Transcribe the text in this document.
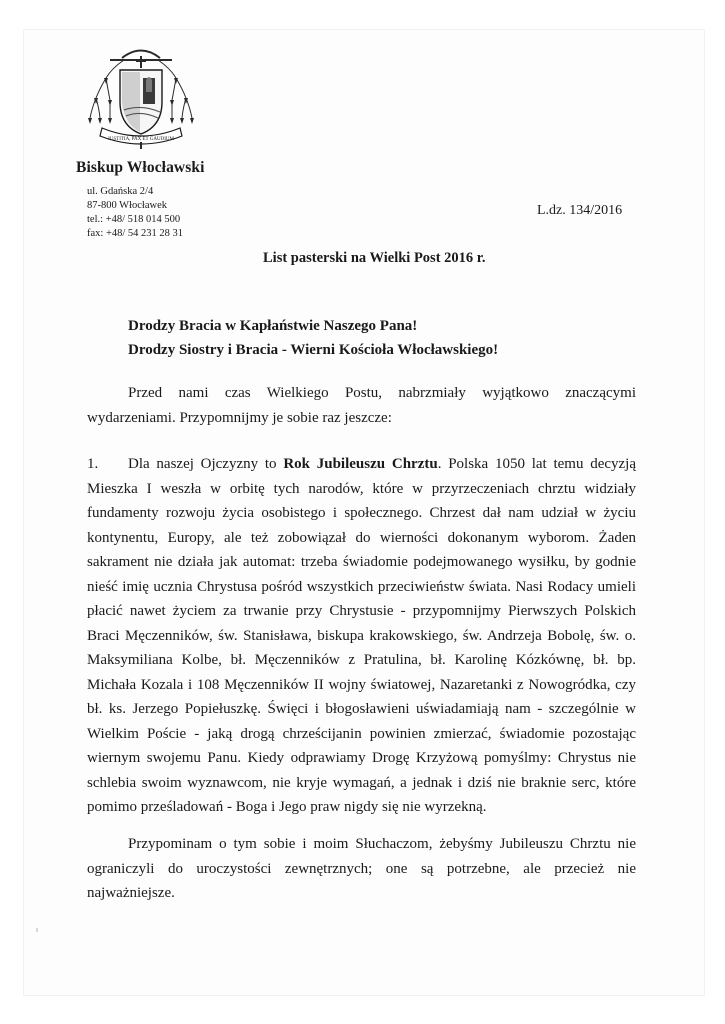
IUSTITIA, PAX ET GAUDIUM
Biskup Włocławski
ul. Gdańska 2/4
87-800 Włocławek
tel.: +48/ 518 014 500
fax: +48/ 54 231 28 31
L.dz. 134/2016
List pasterski na Wielki Post 2016 r.
Drodzy Bracia w Kapłaństwie Naszego Pana!
Drodzy Siostry i Bracia - Wierni Kościoła Włocławskiego!
Przed nami czas Wielkiego Postu, nabrzmiały wyjątkowo znaczącymi wydarzeniami. Przypomnijmy je sobie raz jeszcze:
1. Dla naszej Ojczyzny to Rok Jubileuszu Chrztu. Polska 1050 lat temu decyzją Mieszka I weszła w orbitę tych narodów, które w przyrzeczeniach chrztu widziały fundamenty rozwoju życia osobistego i społecznego. Chrzest dał nam udział w życiu kontynentu, Europy, ale też zobowiązał do wierności dokonanym wyborom. Żaden sakrament nie działa jak automat: trzeba świadomie podejmowanego wysiłku, by godnie nieść imię ucznia Chrystusa pośród wszystkich przeciwieństw świata. Nasi Rodacy umieli płacić nawet życiem za trwanie przy Chrystusie - przypomnijmy Pierwszych Polskich Braci Męczenników, św. Stanisława, biskupa krakowskiego, św. Andrzeja Bobolę, św. o. Maksymiliana Kolbe, bł. Męczenników z Pratulina, bł. Karolinę Kózkównę, bł. bp. Michała Kozala i 108 Męczenników II wojny światowej, Nazaretanki z Nowogródka, czy bł. ks. Jerzego Popiełuszkę. Święci i błogosławieni uświadamiają nam - szczególnie w Wielkim Poście - jaką drogą chrześcijanin powinien zmierzać, świadomie pozostając wiernym swojemu Panu. Kiedy odprawiamy Drogę Krzyżową pomyślmy: Chrystus nie schlebia swoim wyznawcom, nie kryje wymagań, a jednak i dziś nie braknie serc, które pomimo prześladowań - Boga i Jego praw nigdy się nie wyrzekną.
Przypominam o tym sobie i moim Słuchaczom, żebyśmy Jubileuszu Chrztu nie ograniczyli do uroczystości zewnętrznych; one są potrzebne, ale przecież nie najważniejsze.
